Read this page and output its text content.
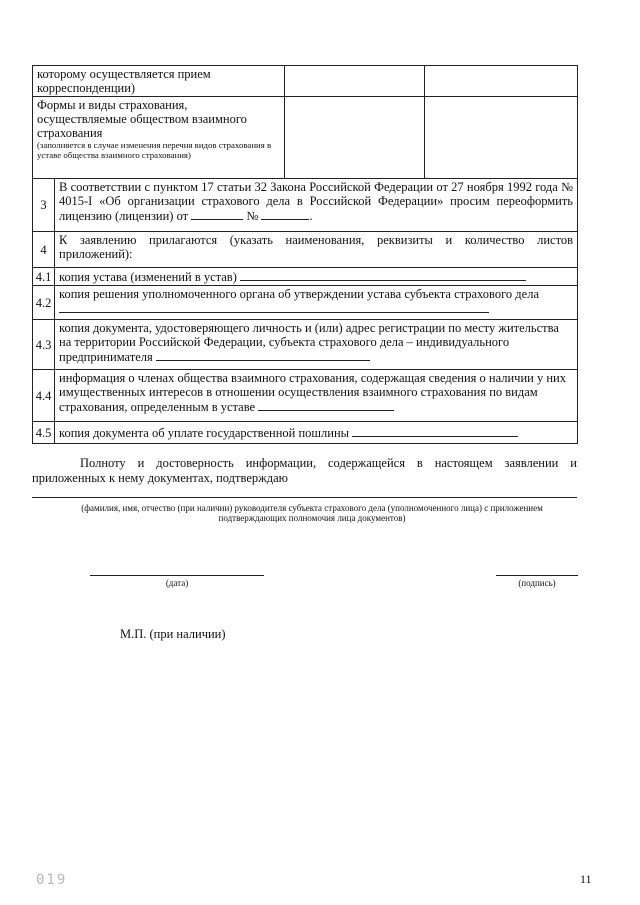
которому осуществляется прием корреспонденции)			
Формы и виды страхования, осуществляемые обществом взаимного страхования
(заполняется в случае изменения перечня видов страхования в уставе общества взаимного страхования)			

3	В соответствии с пунктом 17 статьи 32 Закона Российской Федерации от 27 ноября 1992 года № 4015-I «Об организации страхового дела в Российской Федерации» просим переоформить лицензию (лицензии) от № .		
4	К заявлению прилагаются (указать наименования, реквизиты и количество листов приложений):		
4.1	копия устава (изменений в устав)		
4.2	копия решения уполномоченного органа об утверждении устава субъекта страхового дела		
4.3	копия документа, удостоверяющего личность и (или) адрес регистрации по месту жительства на территории Российской Федерации, субъекта страхового дела – индивидуального предпринимателя		
4.4	информация о членах общества взаимного страхования, содержащая сведения о наличии у них имущественных интересов в отношении осуществления взаимного страхования по видам страхования, определенным в уставе		
4.5	копия документа об уплате государственной пошлины		
Полноту и достоверность информации, содержащейся в настоящем заявлении и приложенных к нему документах, подтверждаю
(фамилия, имя, отчество (при наличии) руководителя субъекта страхового дела (уполномоченного лица) с приложением подтверждающих полномочия лица документов)
(дата)	(подпись)
М.П. (при наличии)
019	11
